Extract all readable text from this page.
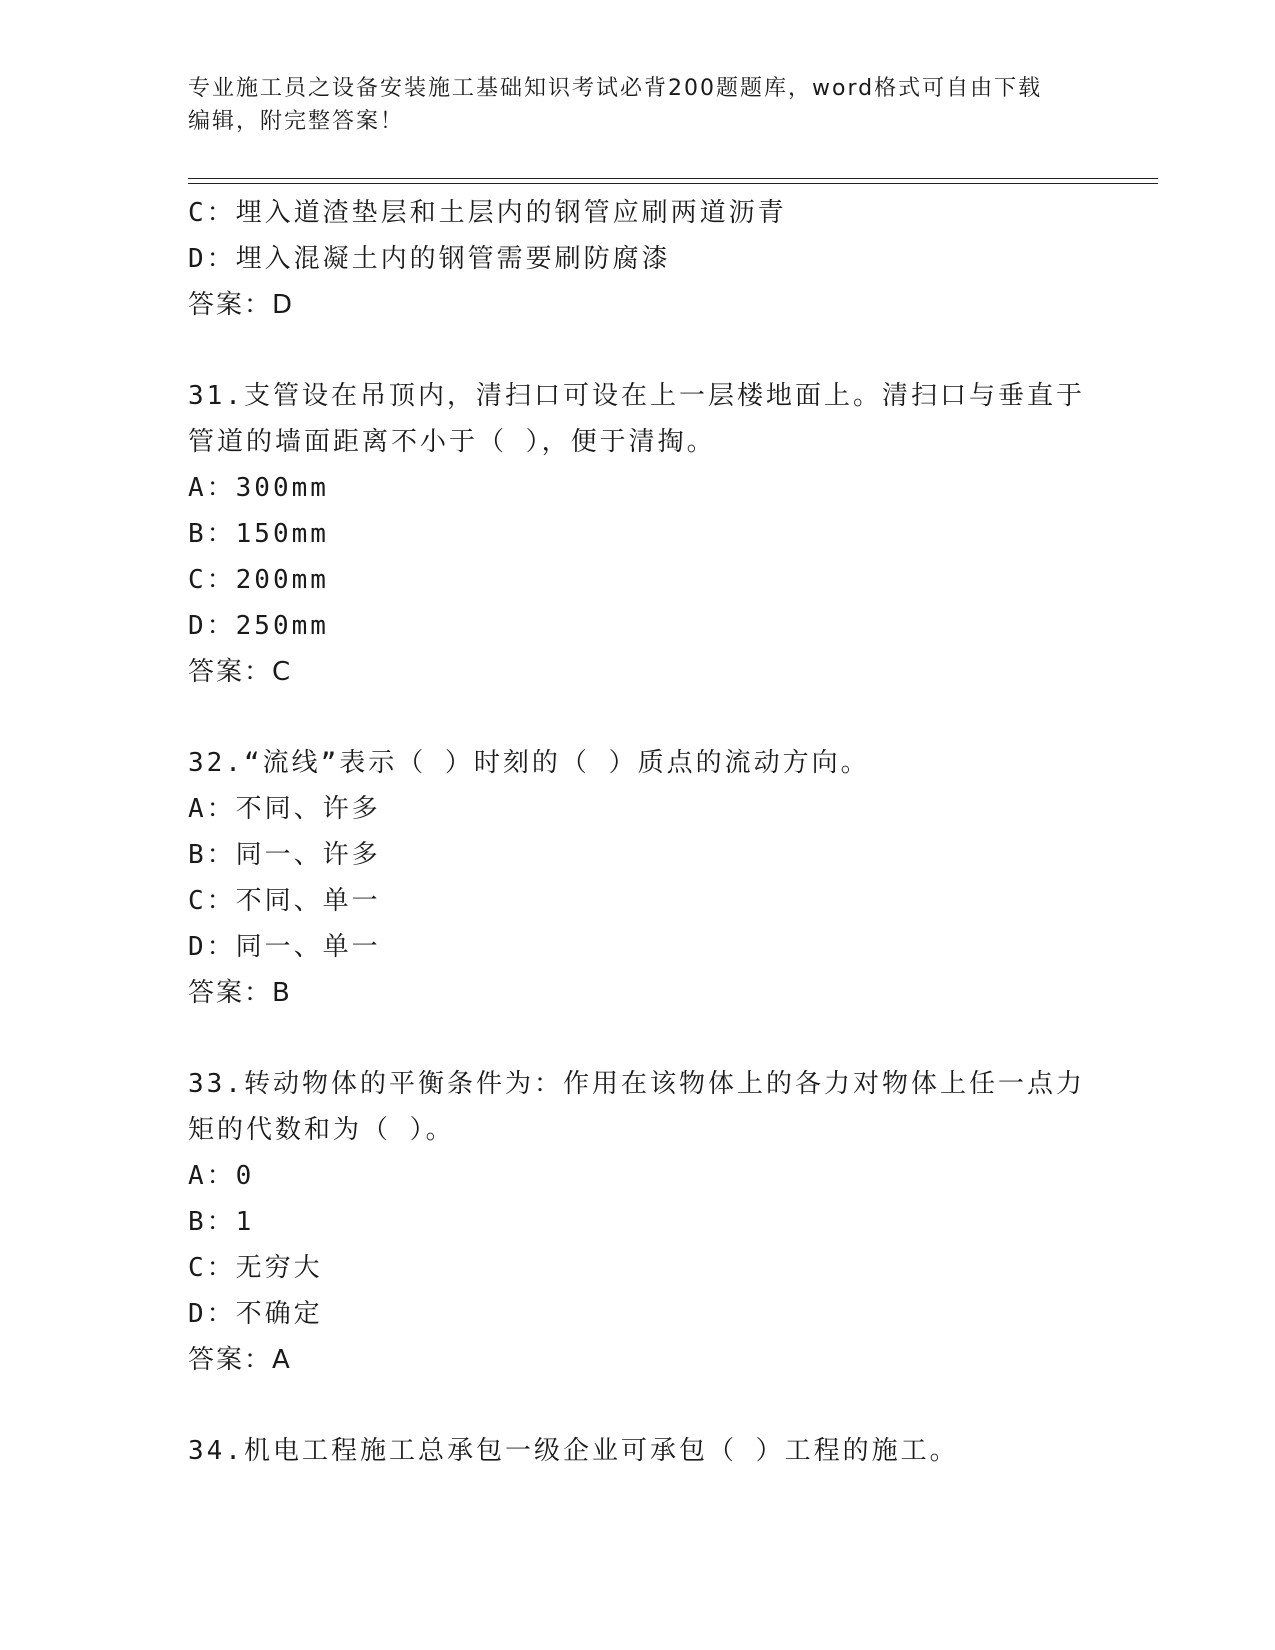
专业施工员之设备安装施工基础知识考试必背200题题库，word格式可自由下载
编辑，附完整答案！
C：埋入道渣垫层和土层内的钢管应刷两道沥青
D：埋入混凝土内的钢管需要刷防腐漆
答案：D
31.支管设在吊顶内，清扫口可设在上一层楼地面上。清扫口与垂直于
管道的墙面距离不小于（ ），便于清掏。
A：300mm
B：150mm
C：200mm
D：250mm
答案：C
32.“流线”表示（ ）时刻的（ ）质点的流动方向。
A：不同、许多
B：同一、许多
C：不同、单一
D：同一、单一
答案：B
33.转动物体的平衡条件为：作用在该物体上的各力对物体上任一点力
矩的代数和为（ ）。
A：0
B：1
C：无穷大
D：不确定
答案：A
34.机电工程施工总承包一级企业可承包（ ）工程的施工。
